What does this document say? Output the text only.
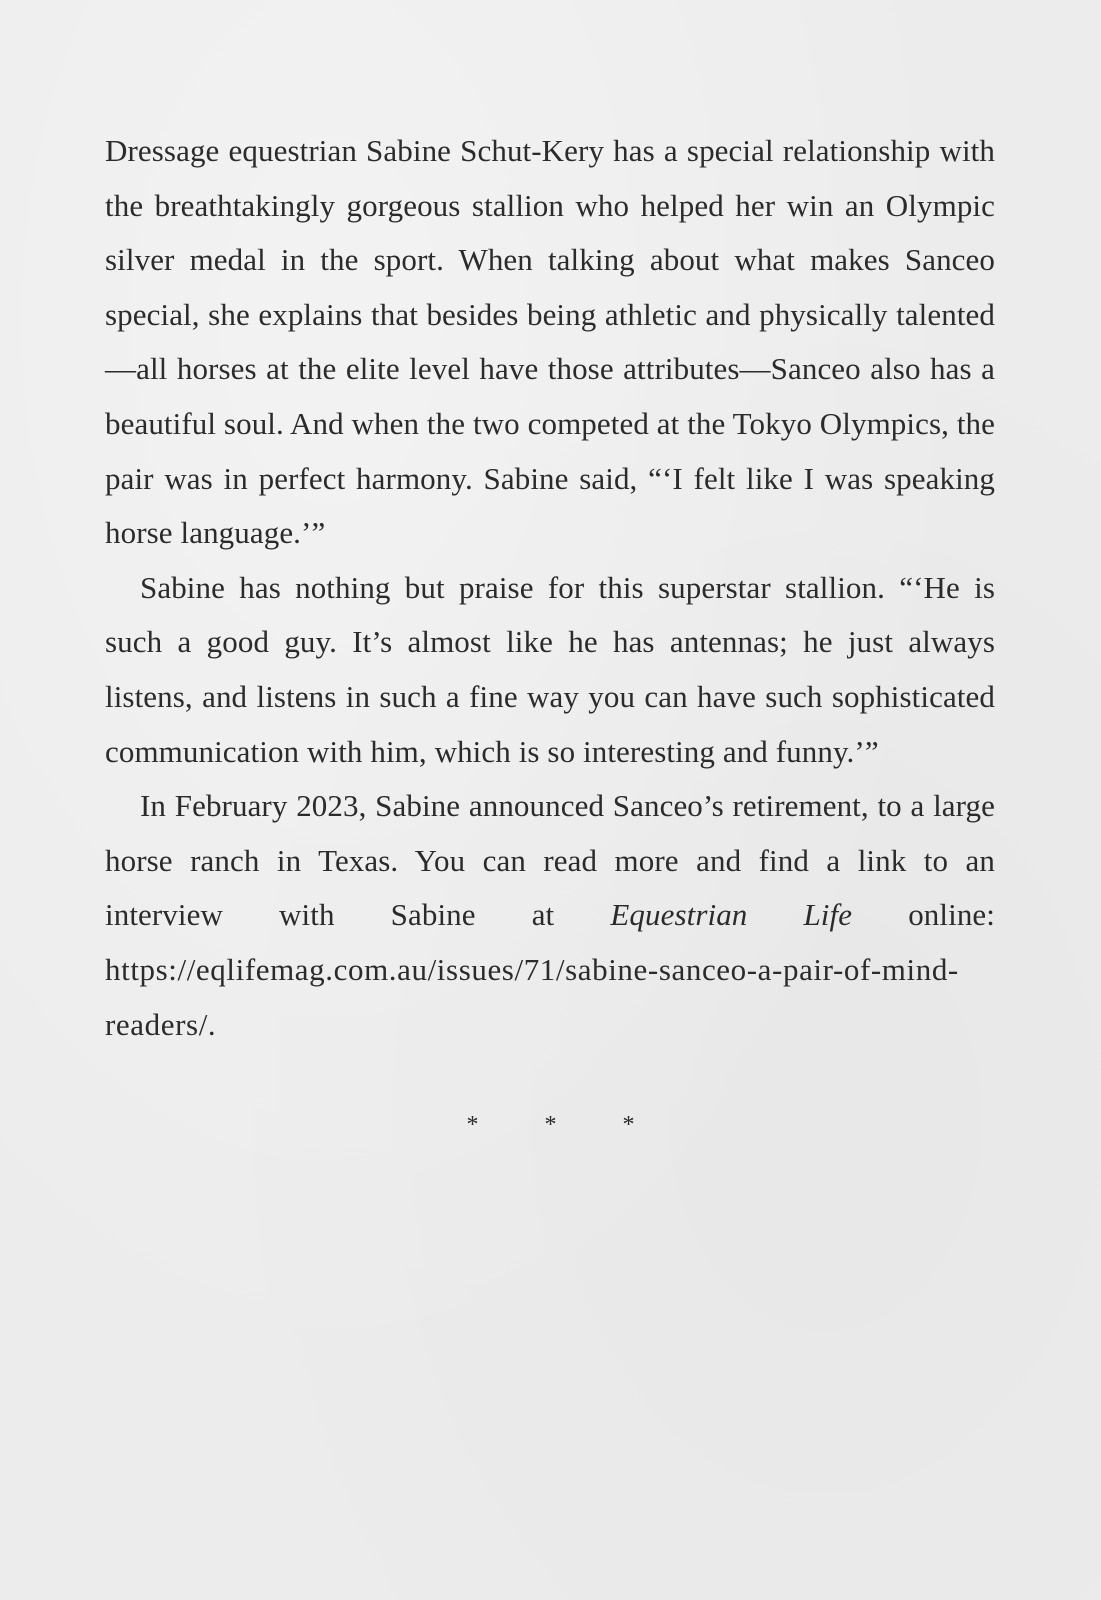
Dressage equestrian Sabine Schut-Kery has a special relationship with the breathtakingly gorgeous stallion who helped her win an Olympic silver medal in the sport. When talking about what makes Sanceo special, she explains that besides being athletic and physically talented—all horses at the elite level have those attributes—Sanceo also has a beautiful soul. And when the two competed at the Tokyo Olympics, the pair was in perfect harmony. Sabine said, “‘I felt like I was speaking horse language.’”

Sabine has nothing but praise for this superstar stallion. “‘He is such a good guy. It’s almost like he has antennas; he just always listens, and listens in such a fine way you can have such sophisticated communication with him, which is so interesting and funny.’”

In February 2023, Sabine announced Sanceo’s retirement, to a large horse ranch in Texas. You can read more and find a link to an interview with Sabine at Equestrian Life online: https://eqlifemag.com.au/issues/71/sabine-sanceo-a-pair-of-mind-readers/.

*	*	*
